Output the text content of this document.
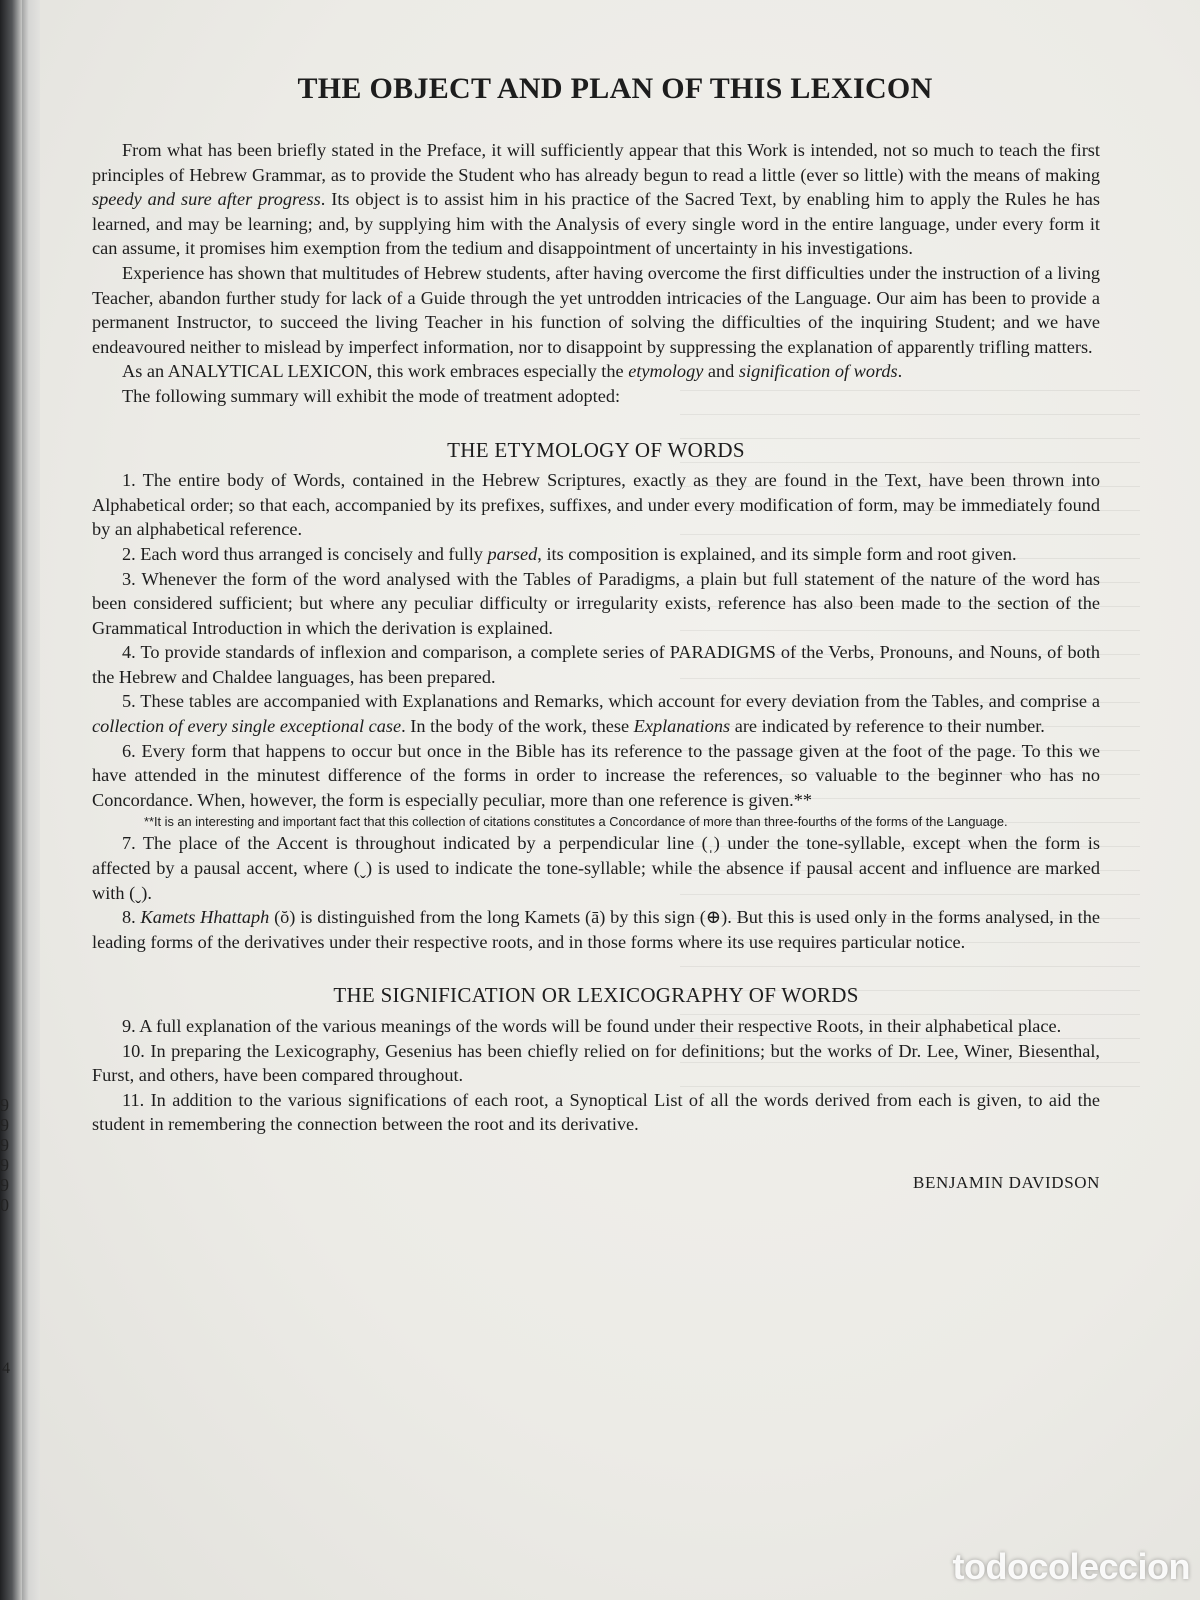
9 9 9 9 9 0
4
THE OBJECT AND PLAN OF THIS LEXICON

From what has been briefly stated in the Preface, it will sufficiently appear that this Work is intended, not so much to teach the first principles of Hebrew Grammar, as to provide the Student who has already begun to read a little (ever so little) with the means of making speedy and sure after progress. Its object is to assist him in his practice of the Sacred Text, by enabling him to apply the Rules he has learned, and may be learning; and, by supplying him with the Analysis of every single word in the entire language, under every form it can assume, it promises him exemption from the tedium and disappointment of uncertainty in his investigations.

Experience has shown that multitudes of Hebrew students, after having overcome the first difficulties under the instruction of a living Teacher, abandon further study for lack of a Guide through the yet untrodden intricacies of the Language. Our aim has been to provide a permanent Instructor, to succeed the living Teacher in his function of solving the difficulties of the inquiring Student; and we have endeavoured neither to mislead by imperfect information, nor to disappoint by suppressing the explanation of apparently trifling matters.

As an ANALYTICAL LEXICON, this work embraces especially the etymology and signification of words.

The following summary will exhibit the mode of treatment adopted:

THE ETYMOLOGY OF WORDS

1. The entire body of Words, contained in the Hebrew Scriptures, exactly as they are found in the Text, have been thrown into Alphabetical order; so that each, accompanied by its prefixes, suffixes, and under every modification of form, may be immediately found by an alphabetical reference.

2. Each word thus arranged is concisely and fully parsed, its composition is explained, and its simple form and root given.

3. Whenever the form of the word analysed with the Tables of Paradigms, a plain but full statement of the nature of the word has been considered sufficient; but where any peculiar difficulty or irregularity exists, reference has also been made to the section of the Grammatical Introduction in which the derivation is explained.

4. To provide standards of inflexion and comparison, a complete series of PARADIGMS of the Verbs, Pronouns, and Nouns, of both the Hebrew and Chaldee languages, has been prepared.

5. These tables are accompanied with Explanations and Remarks, which account for every deviation from the Tables, and comprise a collection of every single exceptional case. In the body of the work, these Explanations are indicated by reference to their number.

6. Every form that happens to occur but once in the Bible has its reference to the passage given at the foot of the page. To this we have attended in the minutest difference of the forms in order to increase the references, so valuable to the beginner who has no Concordance. When, however, the form is especially peculiar, more than one reference is given.**

**It is an interesting and important fact that this collection of citations constitutes a Concordance of more than three-fourths of the forms of the Language.

7. The place of the Accent is throughout indicated by a perpendicular line (ˌ) under the tone-syllable, except when the form is affected by a pausal accent, where (ˬ) is used to indicate the tone-syllable; while the absence if pausal accent and influence are marked with (ˬ).

8. Kamets Hhattaph (ŏ) is distinguished from the long Kamets (ā) by this sign (⊕). But this is used only in the forms analysed, in the leading forms of the derivatives under their respective roots, and in those forms where its use requires particular notice.

THE SIGNIFICATION OR LEXICOGRAPHY OF WORDS

9. A full explanation of the various meanings of the words will be found under their respective Roots, in their alphabetical place.

10. In preparing the Lexicography, Gesenius has been chiefly relied on for definitions; but the works of Dr. Lee, Winer, Biesenthal, Furst, and others, have been compared throughout.

11. In addition to the various significations of each root, a Synoptical List of all the words derived from each is given, to aid the student in remembering the connection between the root and its derivative.

BENJAMIN DAVIDSON
todocoleccion
